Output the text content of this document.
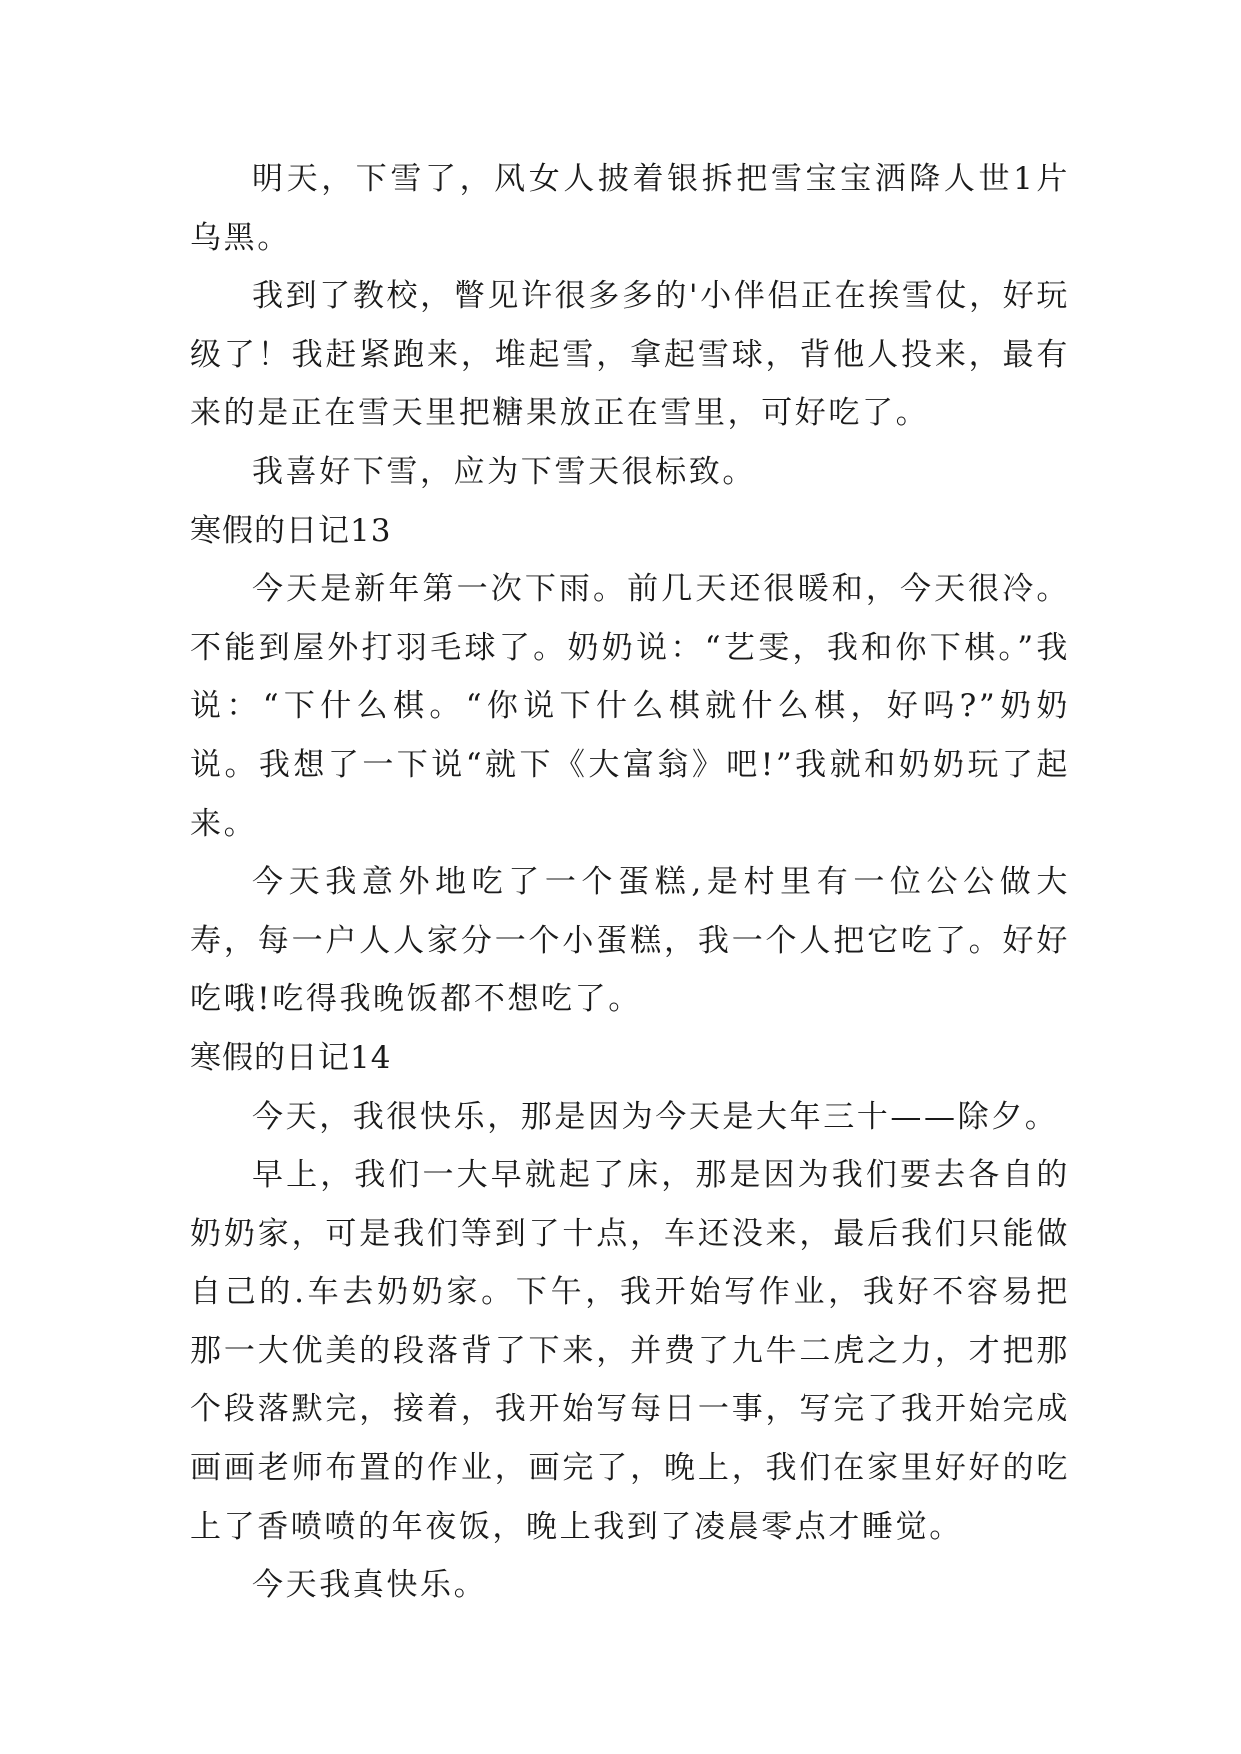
明天，下雪了，风女人披着银拆把雪宝宝洒降人世1片乌黑。

我到了教校，瞥见许很多多的'小伴侣正在挨雪仗，好玩级了！我赶紧跑来，堆起雪，拿起雪球，背他人投来，最有来的是正在雪天里把糖果放正在雪里，可好吃了。

我喜好下雪，应为下雪天很标致。

寒假的日记13

今天是新年第一次下雨。前几天还很暖和，今天很冷。不能到屋外打羽毛球了。奶奶说：“艺雯，我和你下棋。”我说：“下什么棋。“你说下什么棋就什么棋，好吗?”奶奶说。我想了一下说“就下《大富翁》吧!”我就和奶奶玩了起来。

今天我意外地吃了一个蛋糕,是村里有一位公公做大寿，每一户人人家分一个小蛋糕，我一个人把它吃了。好好吃哦!吃得我晚饭都不想吃了。

寒假的日记14

今天，我很快乐，那是因为今天是大年三十——除夕。

早上，我们一大早就起了床，那是因为我们要去各自的奶奶家，可是我们等到了十点，车还没来，最后我们只能做自己的.车去奶奶家。下午，我开始写作业，我好不容易把那一大优美的段落背了下来，并费了九牛二虎之力，才把那个段落默完，接着，我开始写每日一事，写完了我开始完成画画老师布置的作业，画完了，晚上，我们在家里好好的吃上了香喷喷的年夜饭，晚上我到了凌晨零点才睡觉。

今天我真快乐。
